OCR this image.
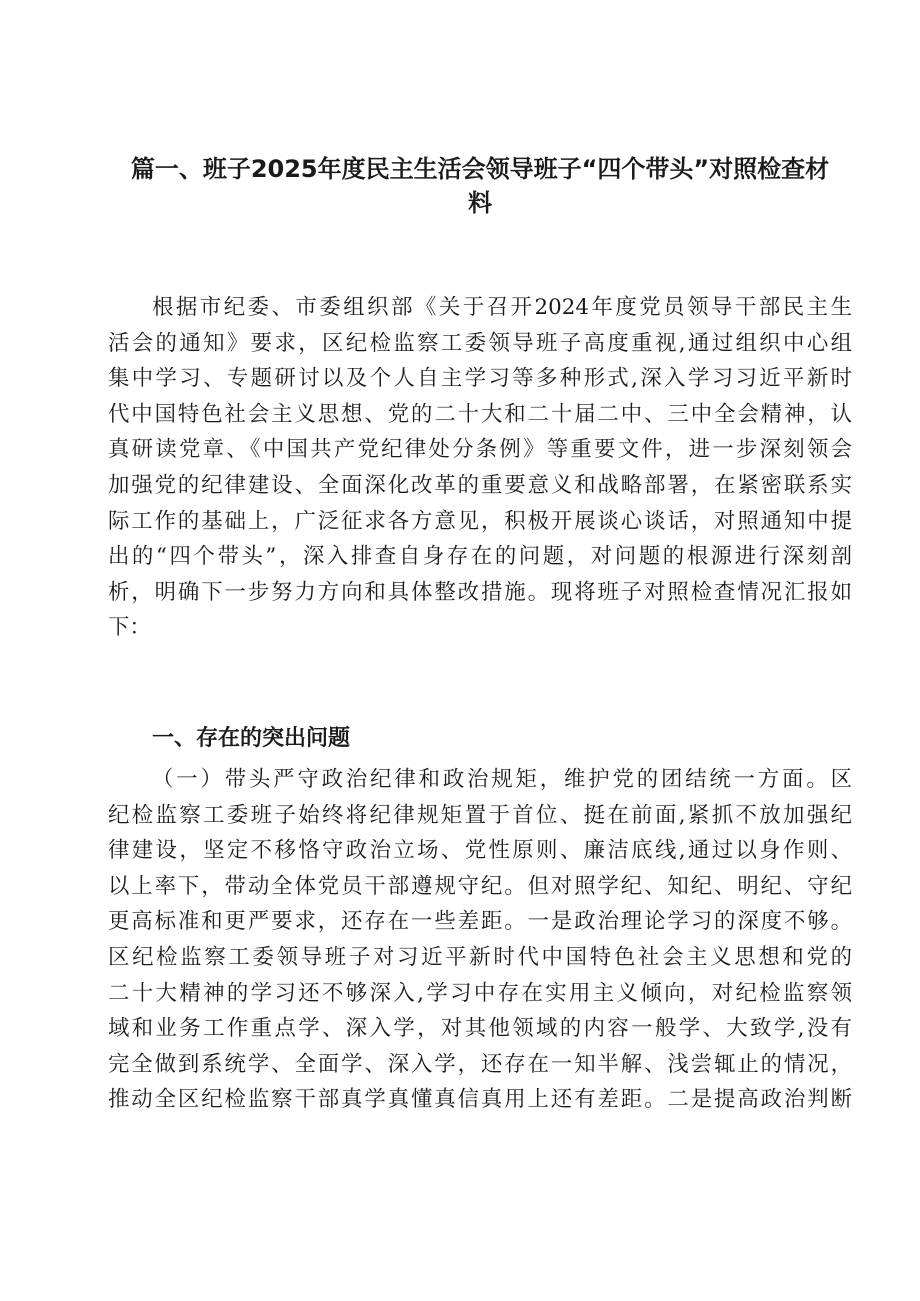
篇一、班子2025年度民主生活会领导班子“四个带头”对照检查材
料
根据市纪委、市委组织部《关于召开2024年度党员领导干部民主生
活会的通知》要求，区纪检监察工委领导班子高度重视,通过组织中心组
集中学习、专题研讨以及个人自主学习等多种形式,深入学习习近平新时
代中国特色社会主义思想、党的二十大和二十届二中、三中全会精神，认
真研读党章、《中国共产党纪律处分条例》等重要文件，进一步深刻领会
加强党的纪律建设、全面深化改革的重要意义和战略部署，在紧密联系实
际工作的基础上，广泛征求各方意见，积极开展谈心谈话，对照通知中提
出的“四个带头”，深入排查自身存在的问题，对问题的根源进行深刻剖
析，明确下一步努力方向和具体整改措施。现将班子对照检查情况汇报如
下：
一、存在的突出问题
（一）带头严守政治纪律和政治规矩，维护党的团结统一方面。区
纪检监察工委班子始终将纪律规矩置于首位、挺在前面,紧抓不放加强纪
律建设，坚定不移恪守政治立场、党性原则、廉洁底线,通过以身作则、
以上率下，带动全体党员干部遵规守纪。但对照学纪、知纪、明纪、守纪
更高标准和更严要求，还存在一些差距。一是政治理论学习的深度不够。
区纪检监察工委领导班子对习近平新时代中国特色社会主义思想和党的
二十大精神的学习还不够深入,学习中存在实用主义倾向，对纪检监察领
域和业务工作重点学、深入学，对其他领域的内容一般学、大致学,没有
完全做到系统学、全面学、深入学，还存在一知半解、浅尝辄止的情况，
推动全区纪检监察干部真学真懂真信真用上还有差距。二是提高政治判断
